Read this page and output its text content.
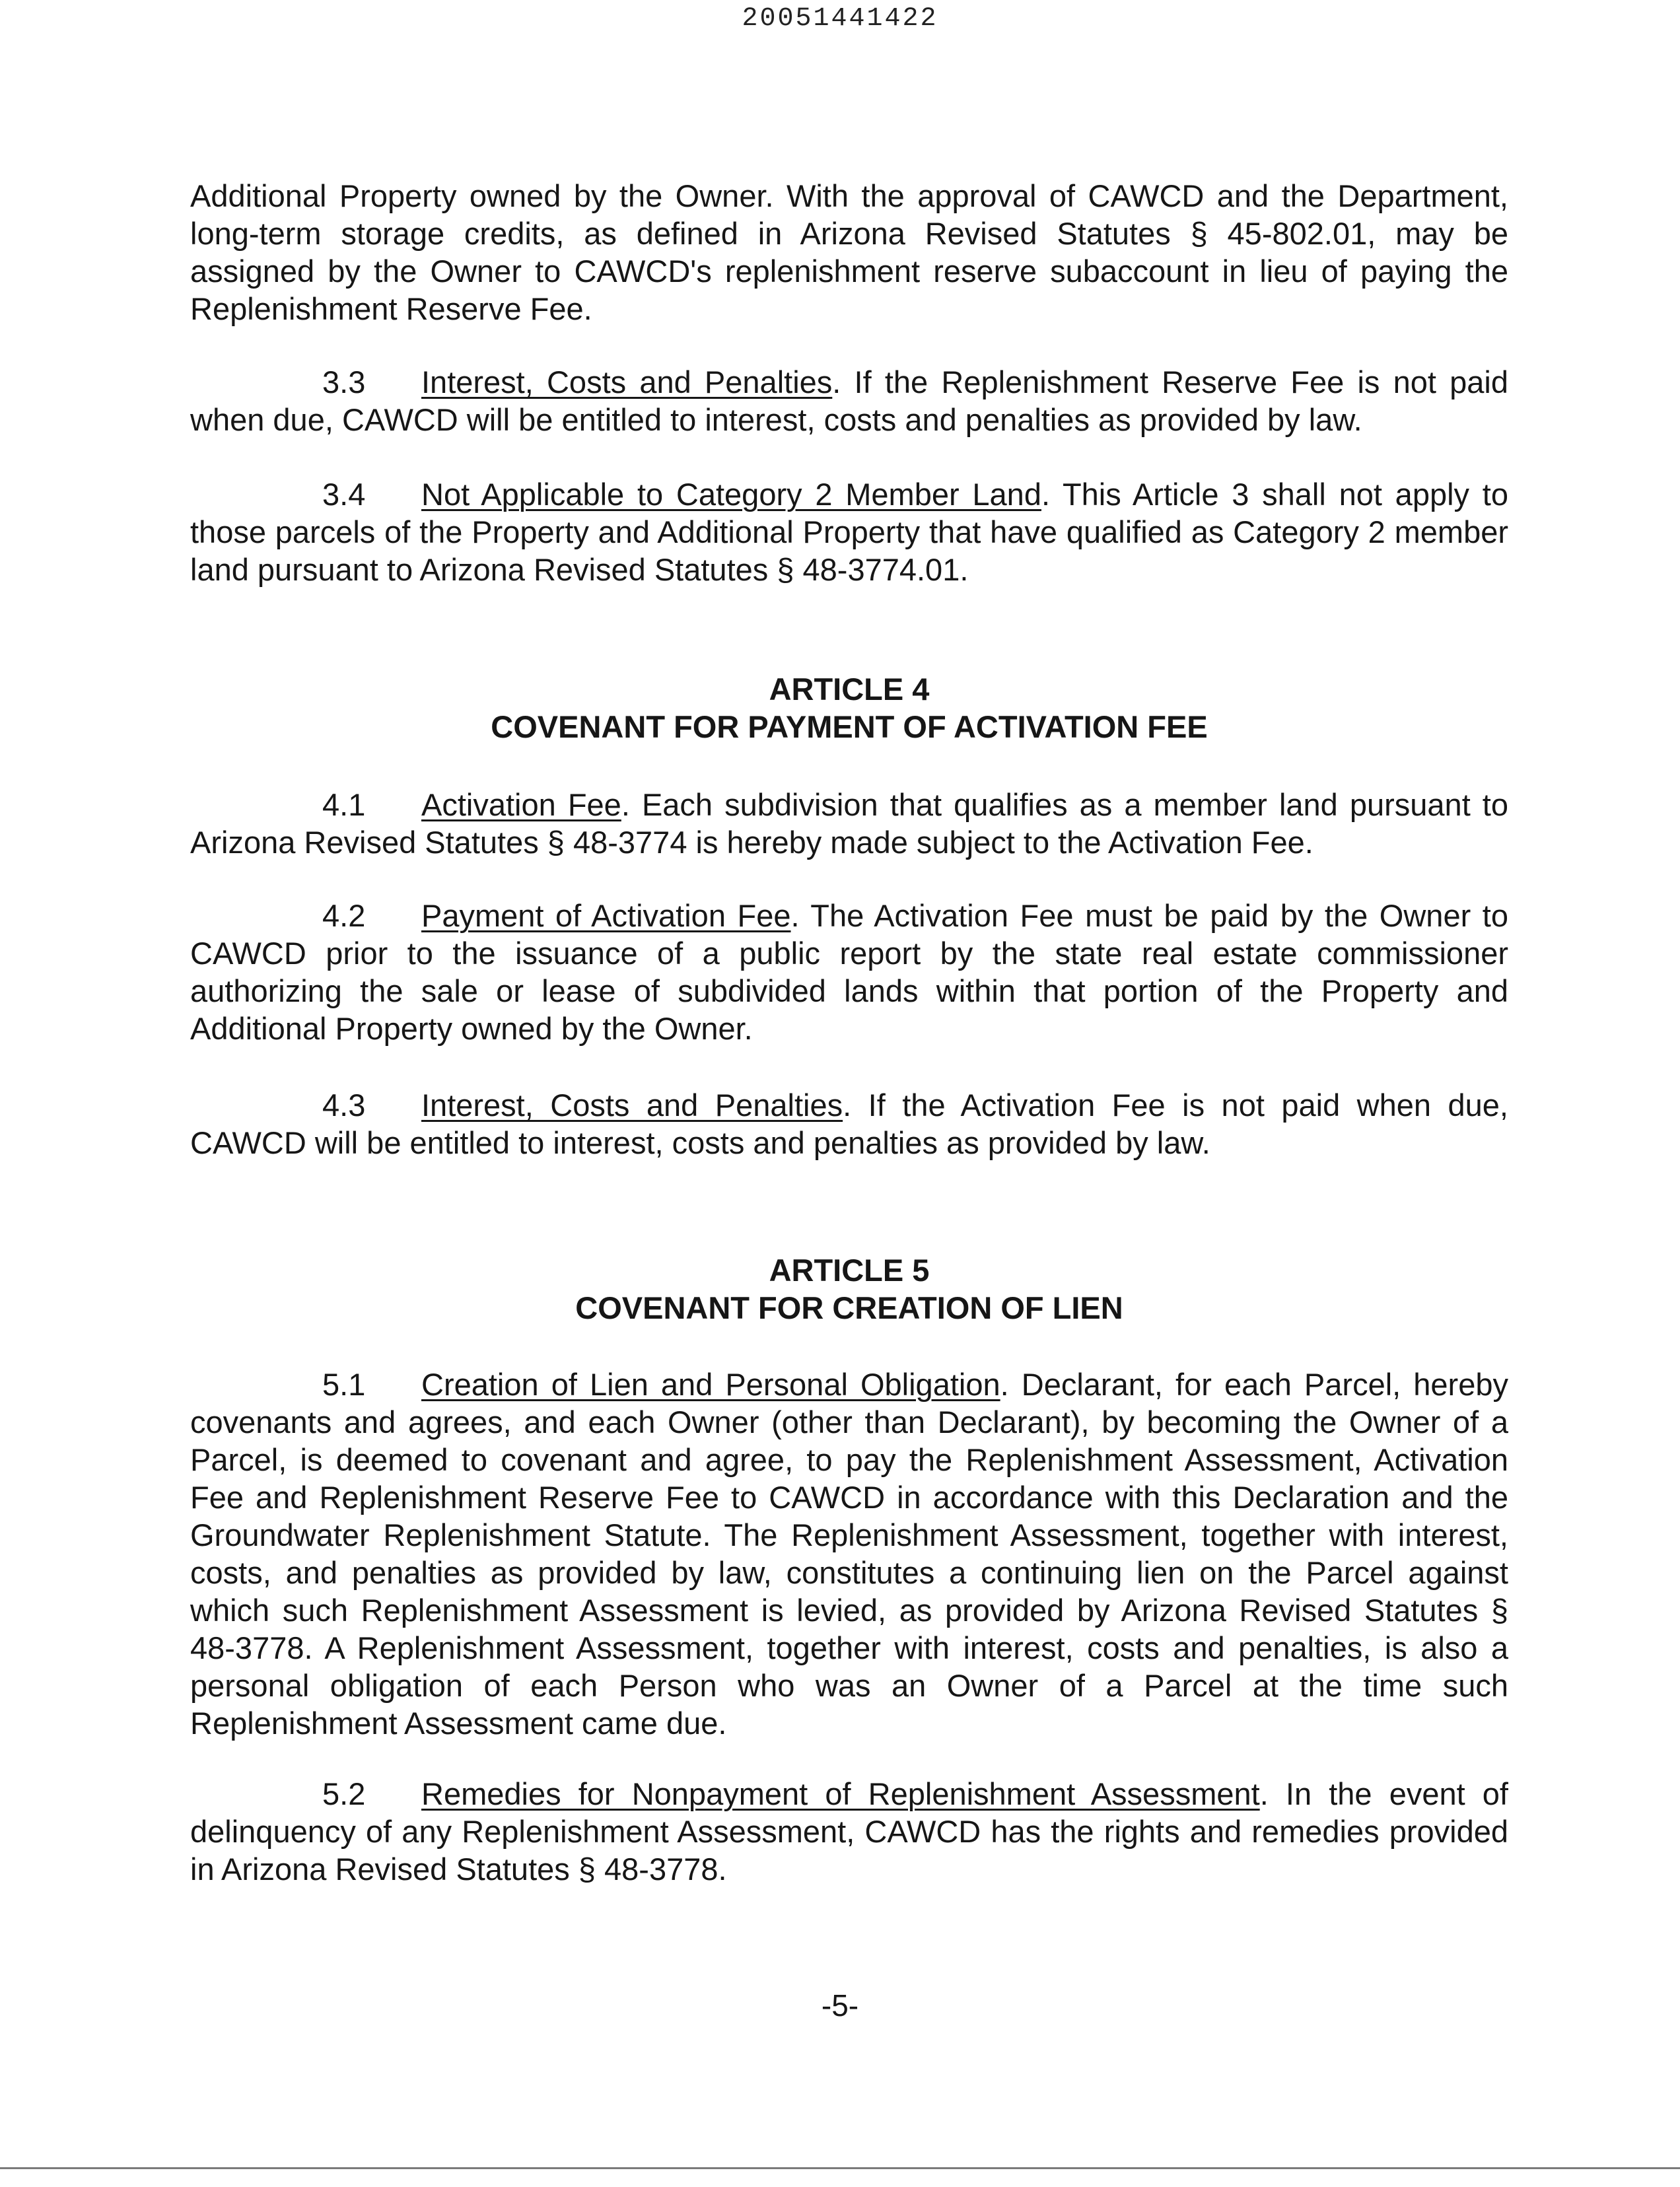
20051441422

Additional Property owned by the Owner. With the approval of CAWCD and the Department, long-term storage credits, as defined in Arizona Revised Statutes § 45-802.01, may be assigned by the Owner to CAWCD's replenishment reserve subaccount in lieu of paying the Replenishment Reserve Fee.

3.3 Interest, Costs and Penalties. If the Replenishment Reserve Fee is not paid when due, CAWCD will be entitled to interest, costs and penalties as provided by law.

3.4 Not Applicable to Category 2 Member Land. This Article 3 shall not apply to those parcels of the Property and Additional Property that have qualified as Category 2 member land pursuant to Arizona Revised Statutes § 48-3774.01.

ARTICLE 4
COVENANT FOR PAYMENT OF ACTIVATION FEE

4.1 Activation Fee. Each subdivision that qualifies as a member land pursuant to Arizona Revised Statutes § 48-3774 is hereby made subject to the Activation Fee.

4.2 Payment of Activation Fee. The Activation Fee must be paid by the Owner to CAWCD prior to the issuance of a public report by the state real estate commissioner authorizing the sale or lease of subdivided lands within that portion of the Property and Additional Property owned by the Owner.

4.3 Interest, Costs and Penalties. If the Activation Fee is not paid when due, CAWCD will be entitled to interest, costs and penalties as provided by law.

ARTICLE 5
COVENANT FOR CREATION OF LIEN

5.1 Creation of Lien and Personal Obligation. Declarant, for each Parcel, hereby covenants and agrees, and each Owner (other than Declarant), by becoming the Owner of a Parcel, is deemed to covenant and agree, to pay the Replenishment Assessment, Activation Fee and Replenishment Reserve Fee to CAWCD in accordance with this Declaration and the Groundwater Replenishment Statute. The Replenishment Assessment, together with interest, costs, and penalties as provided by law, constitutes a continuing lien on the Parcel against which such Replenishment Assessment is levied, as provided by Arizona Revised Statutes § 48-3778. A Replenishment Assessment, together with interest, costs and penalties, is also a personal obligation of each Person who was an Owner of a Parcel at the time such Replenishment Assessment came due.

5.2 Remedies for Nonpayment of Replenishment Assessment. In the event of delinquency of any Replenishment Assessment, CAWCD has the rights and remedies provided in Arizona Revised Statutes § 48-3778.

-5-
